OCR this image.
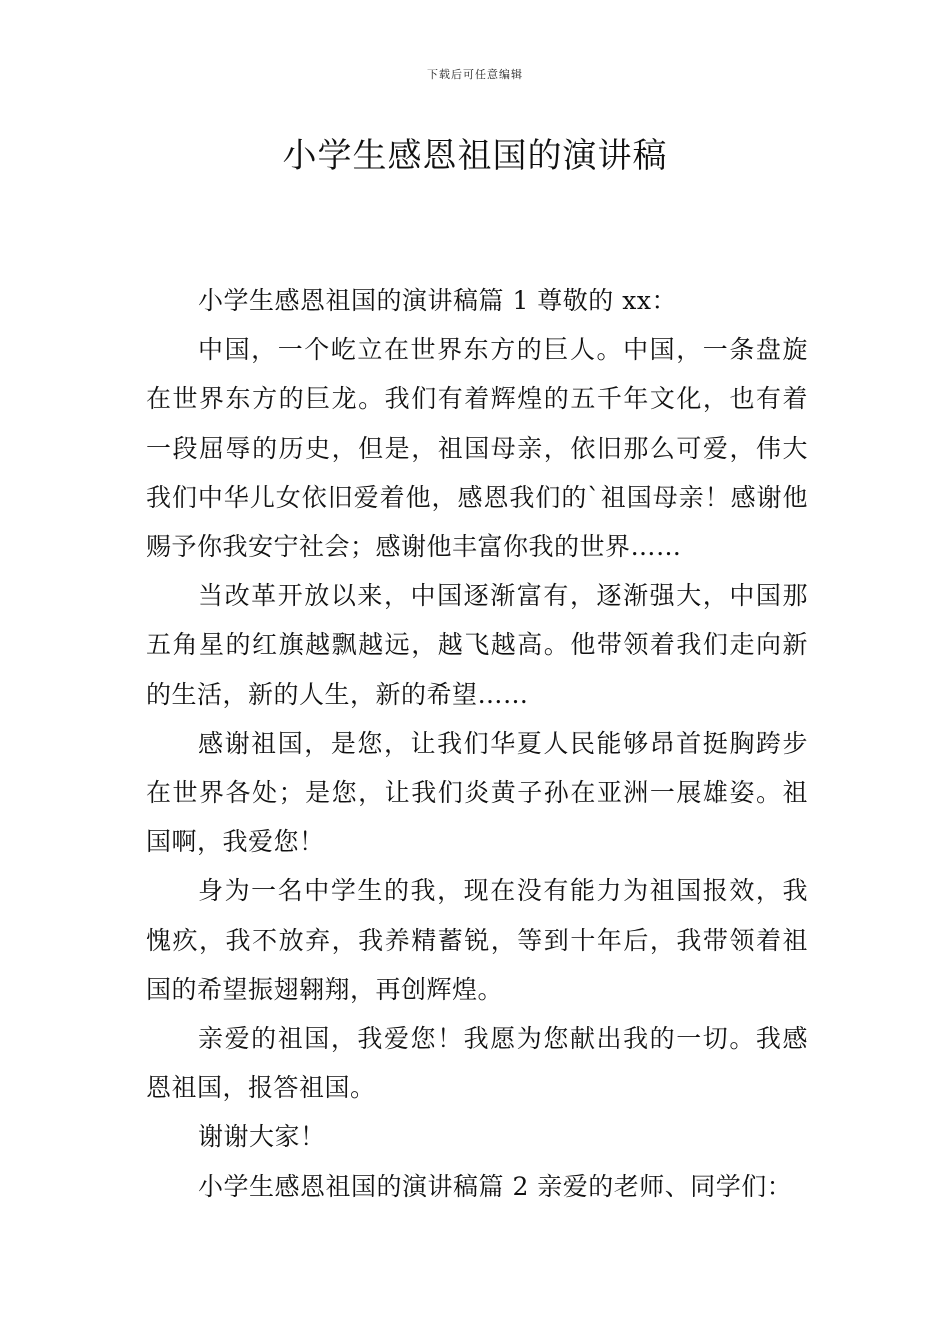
下载后可任意编辑
小学生感恩祖国的演讲稿

小学生感恩祖国的演讲稿篇 1 尊敬的 xx：

中国，一个屹立在世界东方的巨人。中国，一条盘旋在世界东方的巨龙。我们有着辉煌的五千年文化，也有着一段屈辱的历史，但是，祖国母亲，依旧那么可爱，伟大我们中华儿女依旧爱着他，感恩我们的`祖国母亲！感谢他赐予你我安宁社会；感谢他丰富你我的世界……

当改革开放以来，中国逐渐富有，逐渐强大，中国那五角星的红旗越飘越远，越飞越高。他带领着我们走向新的生活，新的人生，新的希望……

感谢祖国，是您，让我们华夏人民能够昂首挺胸跨步在世界各处；是您，让我们炎黄子孙在亚洲一展雄姿。祖国啊，我爱您！

身为一名中学生的我，现在没有能力为祖国报效，我愧疚，我不放弃，我养精蓄锐，等到十年后，我带领着祖国的希望振翅翱翔，再创辉煌。

亲爱的祖国，我爱您！我愿为您献出我的一切。我感恩祖国，报答祖国。

谢谢大家！

小学生感恩祖国的演讲稿篇 2 亲爱的老师、同学们：
